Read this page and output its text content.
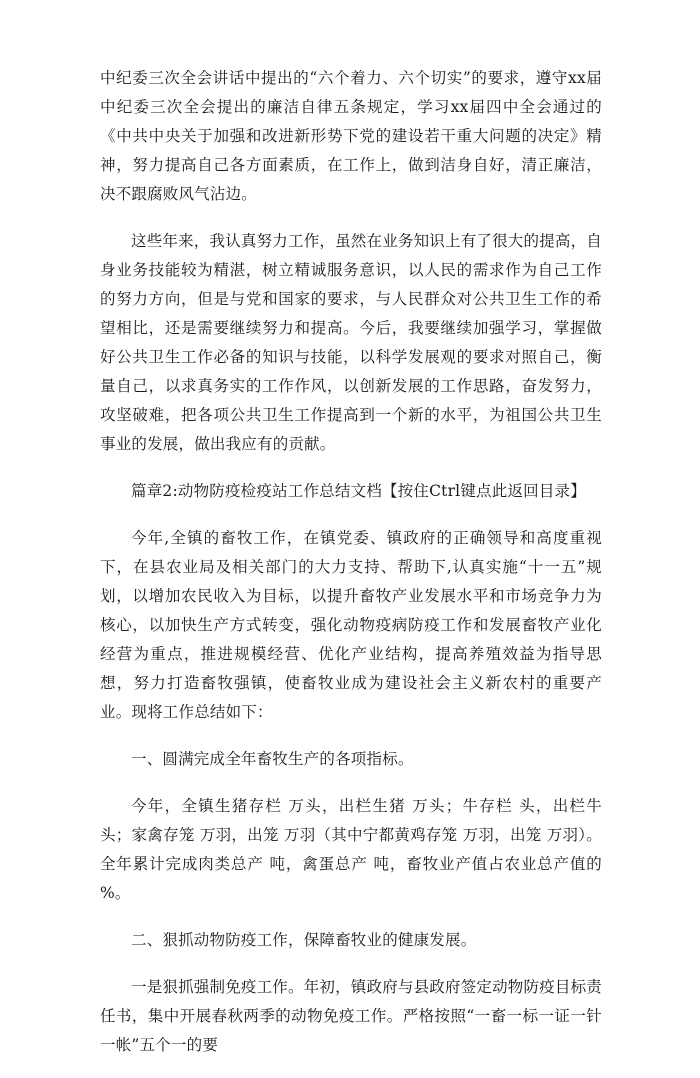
中纪委三次全会讲话中提出的“六个着力、六个切实”的要求，遵守xx届中纪委三次全会提出的廉洁自律五条规定，学习xx届四中全会通过的《中共中央关于加强和改进新形势下党的建设若干重大问题的决定》精神，努力提高自己各方面素质，在工作上，做到洁身自好，清正廉洁，决不跟腐败风气沾边。

这些年来，我认真努力工作，虽然在业务知识上有了很大的提高，自身业务技能较为精湛，树立精诚服务意识，以人民的需求作为自己工作的努力方向，但是与党和国家的要求，与人民群众对公共卫生工作的希望相比，还是需要继续努力和提高。今后，我要继续加强学习，掌握做好公共卫生工作必备的知识与技能，以科学发展观的要求对照自己，衡量自己，以求真务实的工作作风，以创新发展的工作思路，奋发努力，攻坚破难，把各项公共卫生工作提高到一个新的水平，为祖国公共卫生事业的发展，做出我应有的贡献。

篇章2:动物防疫检疫站工作总结文档【按住Ctrl键点此返回目录】

今年,全镇的畜牧工作，在镇党委、镇政府的正确领导和高度重视下，在县农业局及相关部门的大力支持、帮助下,认真实施“十一五”规划，以增加农民收入为目标，以提升畜牧产业发展水平和市场竞争力为核心，以加快生产方式转变，强化动物疫病防疫工作和发展畜牧产业化经营为重点，推进规模经营、优化产业结构，提高养殖效益为指导思想，努力打造畜牧强镇，使畜牧业成为建设社会主义新农村的重要产业。现将工作总结如下：

一、圆满完成全年畜牧生产的各项指标。

今年，全镇生猪存栏 万头，出栏生猪 万头；牛存栏 头，出栏牛 头；家禽存笼 万羽，出笼 万羽（其中宁都黄鸡存笼 万羽，出笼 万羽）。全年累计完成肉类总产 吨，禽蛋总产 吨，畜牧业产值占农业总产值的 %。

二、狠抓动物防疫工作，保障畜牧业的健康发展。

一是狠抓强制免疫工作。年初，镇政府与县政府签定动物防疫目标责任书，集中开展春秋两季的动物免疫工作。严格按照“一畜一标一证一针一帐”五个一的要
